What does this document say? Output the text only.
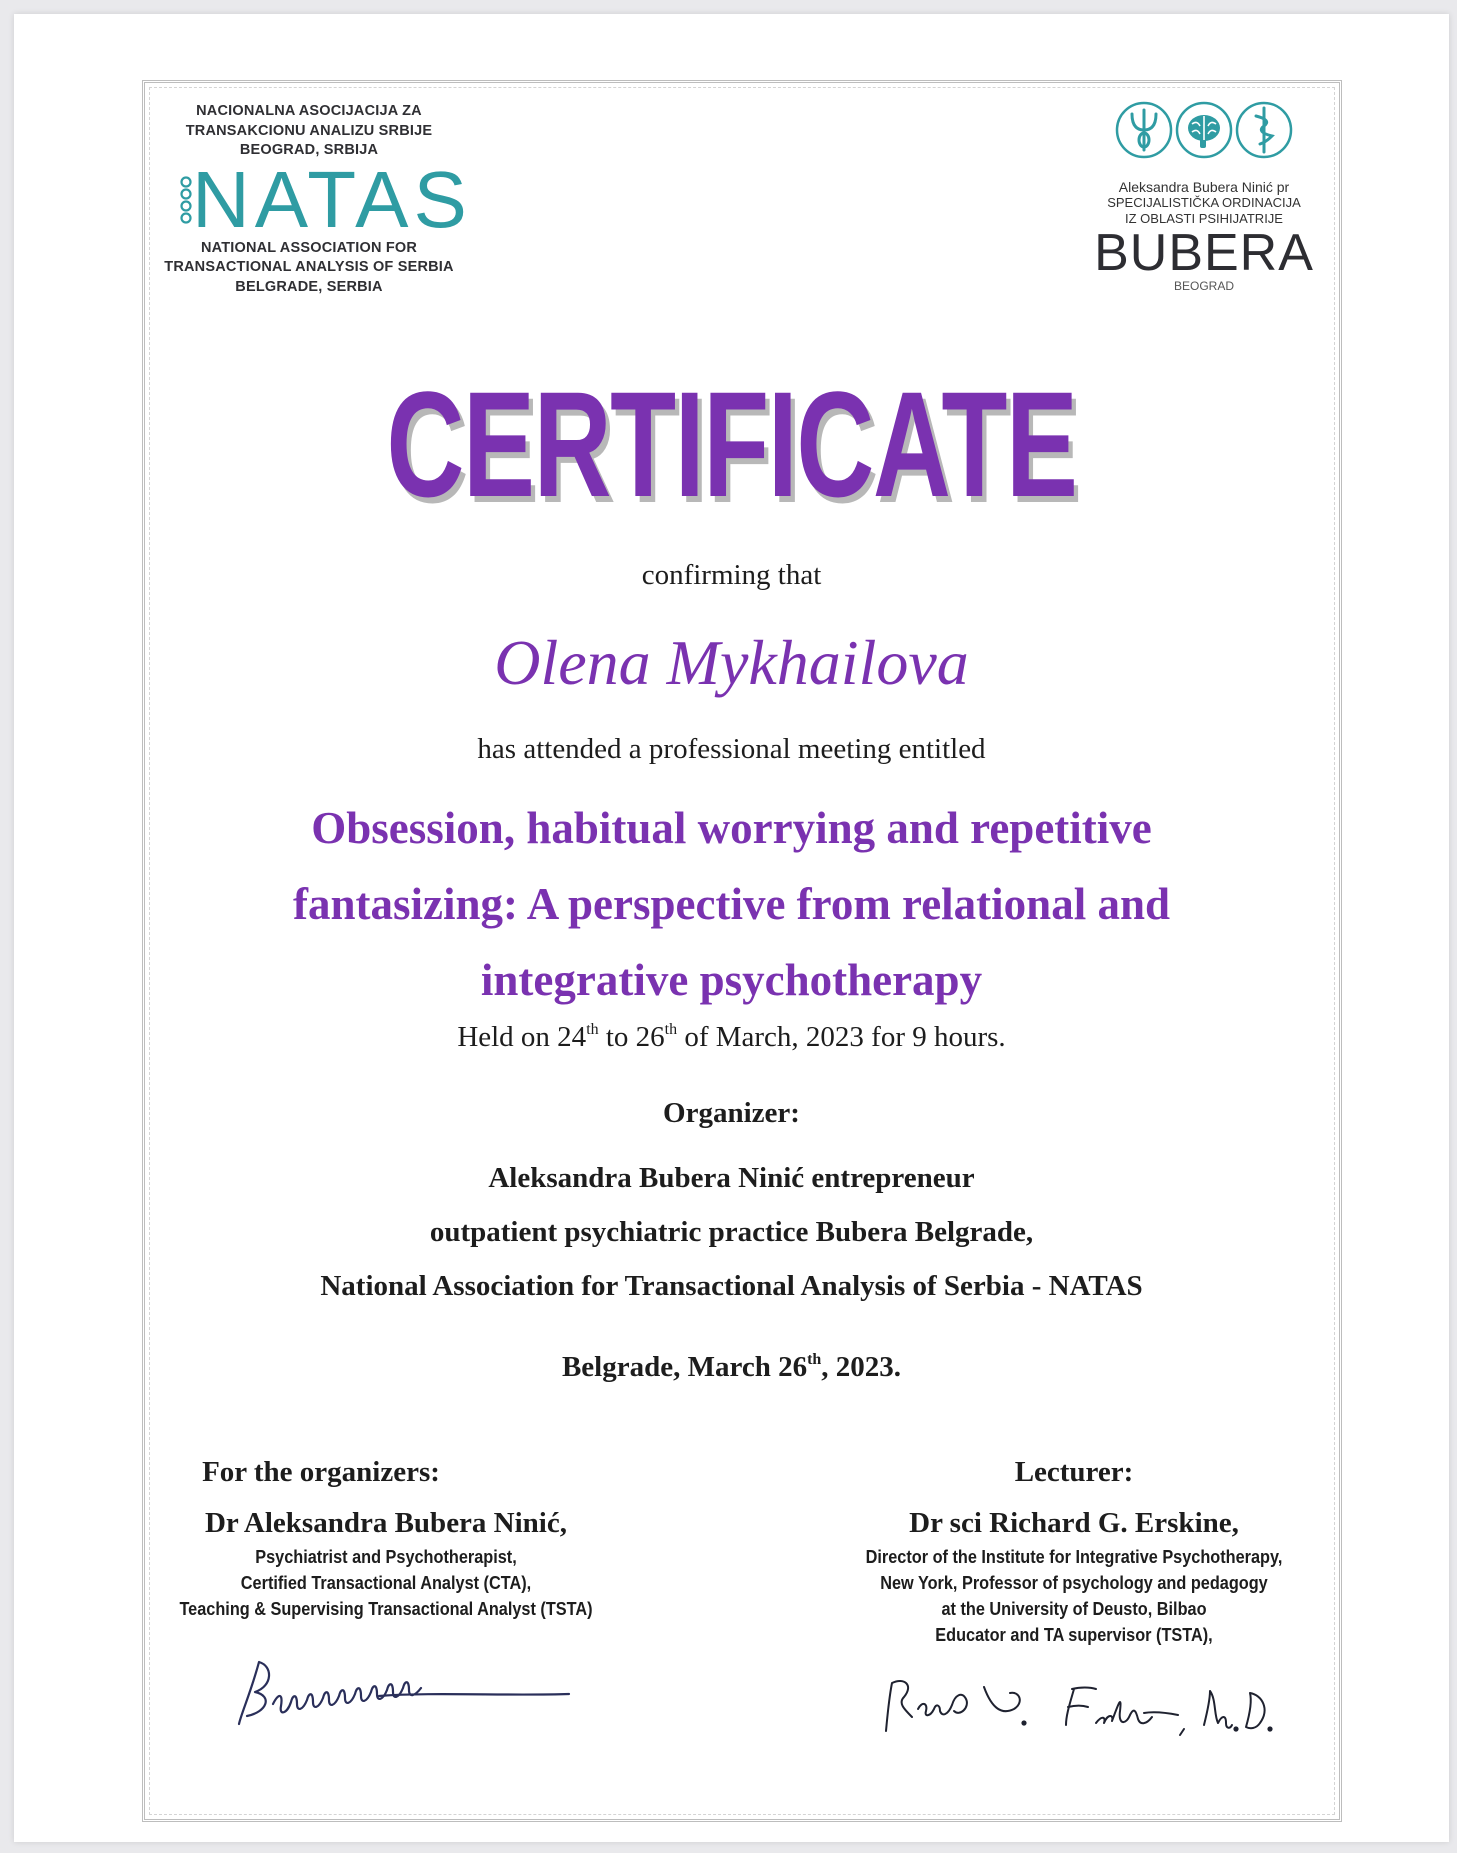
NACIONALNA ASOCIJACIJA ZA
TRANSAKCIONU ANALIZU SRBIJE
BEOGRAD, SRBIJA
NATAS
NATIONAL ASSOCIATION FOR
TRANSACTIONAL ANALYSIS OF SERBIA
BELGRADE, SERBIA
Aleksandra Bubera Ninić pr
SPECIJALISTIČKA ORDINACIJA
IZ OBLASTI PSIHIJATRIJE
BUBERA
BEOGRAD
CERTIFICATE
confirming that
Olena Mykhailova
has attended a professional meeting entitled
Obsession, habitual worrying and repetitive
fantasizing: A perspective from relational and
integrative psychotherapy
Held on 24th to 26th of March, 2023 for 9 hours.
Organizer:
Aleksandra Bubera Ninić entrepreneur
outpatient psychiatric practice Bubera Belgrade,
National Association for Transactional Analysis of Serbia - NATAS
Belgrade, March 26th, 2023.
For the organizers:
Dr Aleksandra Bubera Ninić,
Psychiatrist and Psychotherapist,
Certified Transactional Analyst (CTA),
Teaching & Supervising Transactional Analyst (TSTA)
Lecturer:
Dr sci Richard G. Erskine,
Director of the Institute for Integrative Psychotherapy,
New York, Professor of psychology and pedagogy
at the University of Deusto, Bilbao
Educator and TA supervisor (TSTA),
